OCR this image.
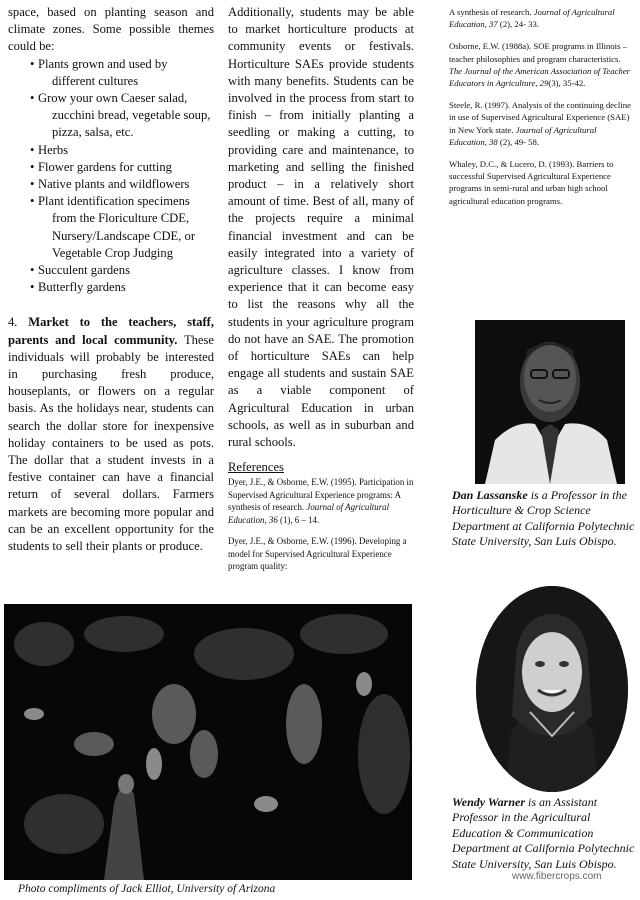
space, based on planting season and climate zones. Some possible themes could be:

• Plants grown and used by
different cultures
• Grow your own Caeser salad,
zucchini bread, vegetable soup, pizza, salsa, etc.
• Herbs
• Flower gardens for cutting
• Native plants and wildflowers
• Plant identification specimens
from the Floriculture CDE, Nursery/Landscape CDE, or Vegetable Crop Judging
• Succulent gardens
• Butterfly gardens

4. Market to the teachers, staff, parents and local community. These individuals will probably be interested in purchasing fresh produce, houseplants, or flowers on a regular basis. As the holidays near, students can search the dollar store for inexpensive holiday containers to be used as pots. The dollar that a student invests in a festive container can have a financial return of several dollars. Farmers markets are becoming more popular and can be an excellent opportunity for the students to sell their plants or produce.

Additionally, students may be able to market horticulture products at community events or festivals. Horticulture SAEs provide students with many benefits. Students can be involved in the process from start to finish – from initially planting a seedling or making a cutting, to providing care and maintenance, to marketing and selling the finished product – in a relatively short amount of time. Best of all, many of the projects require a minimal financial investment and can be easily integrated into a variety of agriculture classes. I know from experience that it can become easy to list the reasons why all the students in your agriculture program do not have an SAE. The promotion of horticulture SAEs can help engage all students and sustain SAE as a viable component of Agricultural Education in urban schools, as well as in suburban and rural schools.

References

Dyer, J.E., & Osborne, E.W. (1995). Participation in Supervised Agricultural Experience programs: A synthesis of research. Journal of Agricultural Education, 36 (1), 6 – 14.

Dyer, J.E., & Osborne, E.W. (1996). Developing a model for Supervised Agricultural Experience program quality:

A synthesis of research. Journal of Agricultural Education, 37 (2), 24- 33.

Osborne, E.W. (1988a). SOE programs in Illinois – teacher philosophies and program characteristics. The Journal of the American Association of Teacher Educators in Agriculture, 29(3), 35-42.

Steele, R. (1997). Analysis of the continuing decline in use of Supervised Agricultural Experience (SAE) in New York state. Journal of Agricultural Education, 38 (2), 49- 58.

Whaley, D.C., & Lucero, D. (1993). Barriers to successful Supervised Agricultural Experience programs in semi-rural and urban high school agricultural education programs.

Dan Lassanske is a Professor in the Horticulture & Crop Science Department at California Polytechnic State University, San Luis Obispo.
Wendy Warner is an Assistant Professor in the Agricultural Education & Communication Department at California Polytechnic State University, San Luis Obispo.
Photo compliments of Jack Elliot, University of Arizona
www.fibercrops.com
